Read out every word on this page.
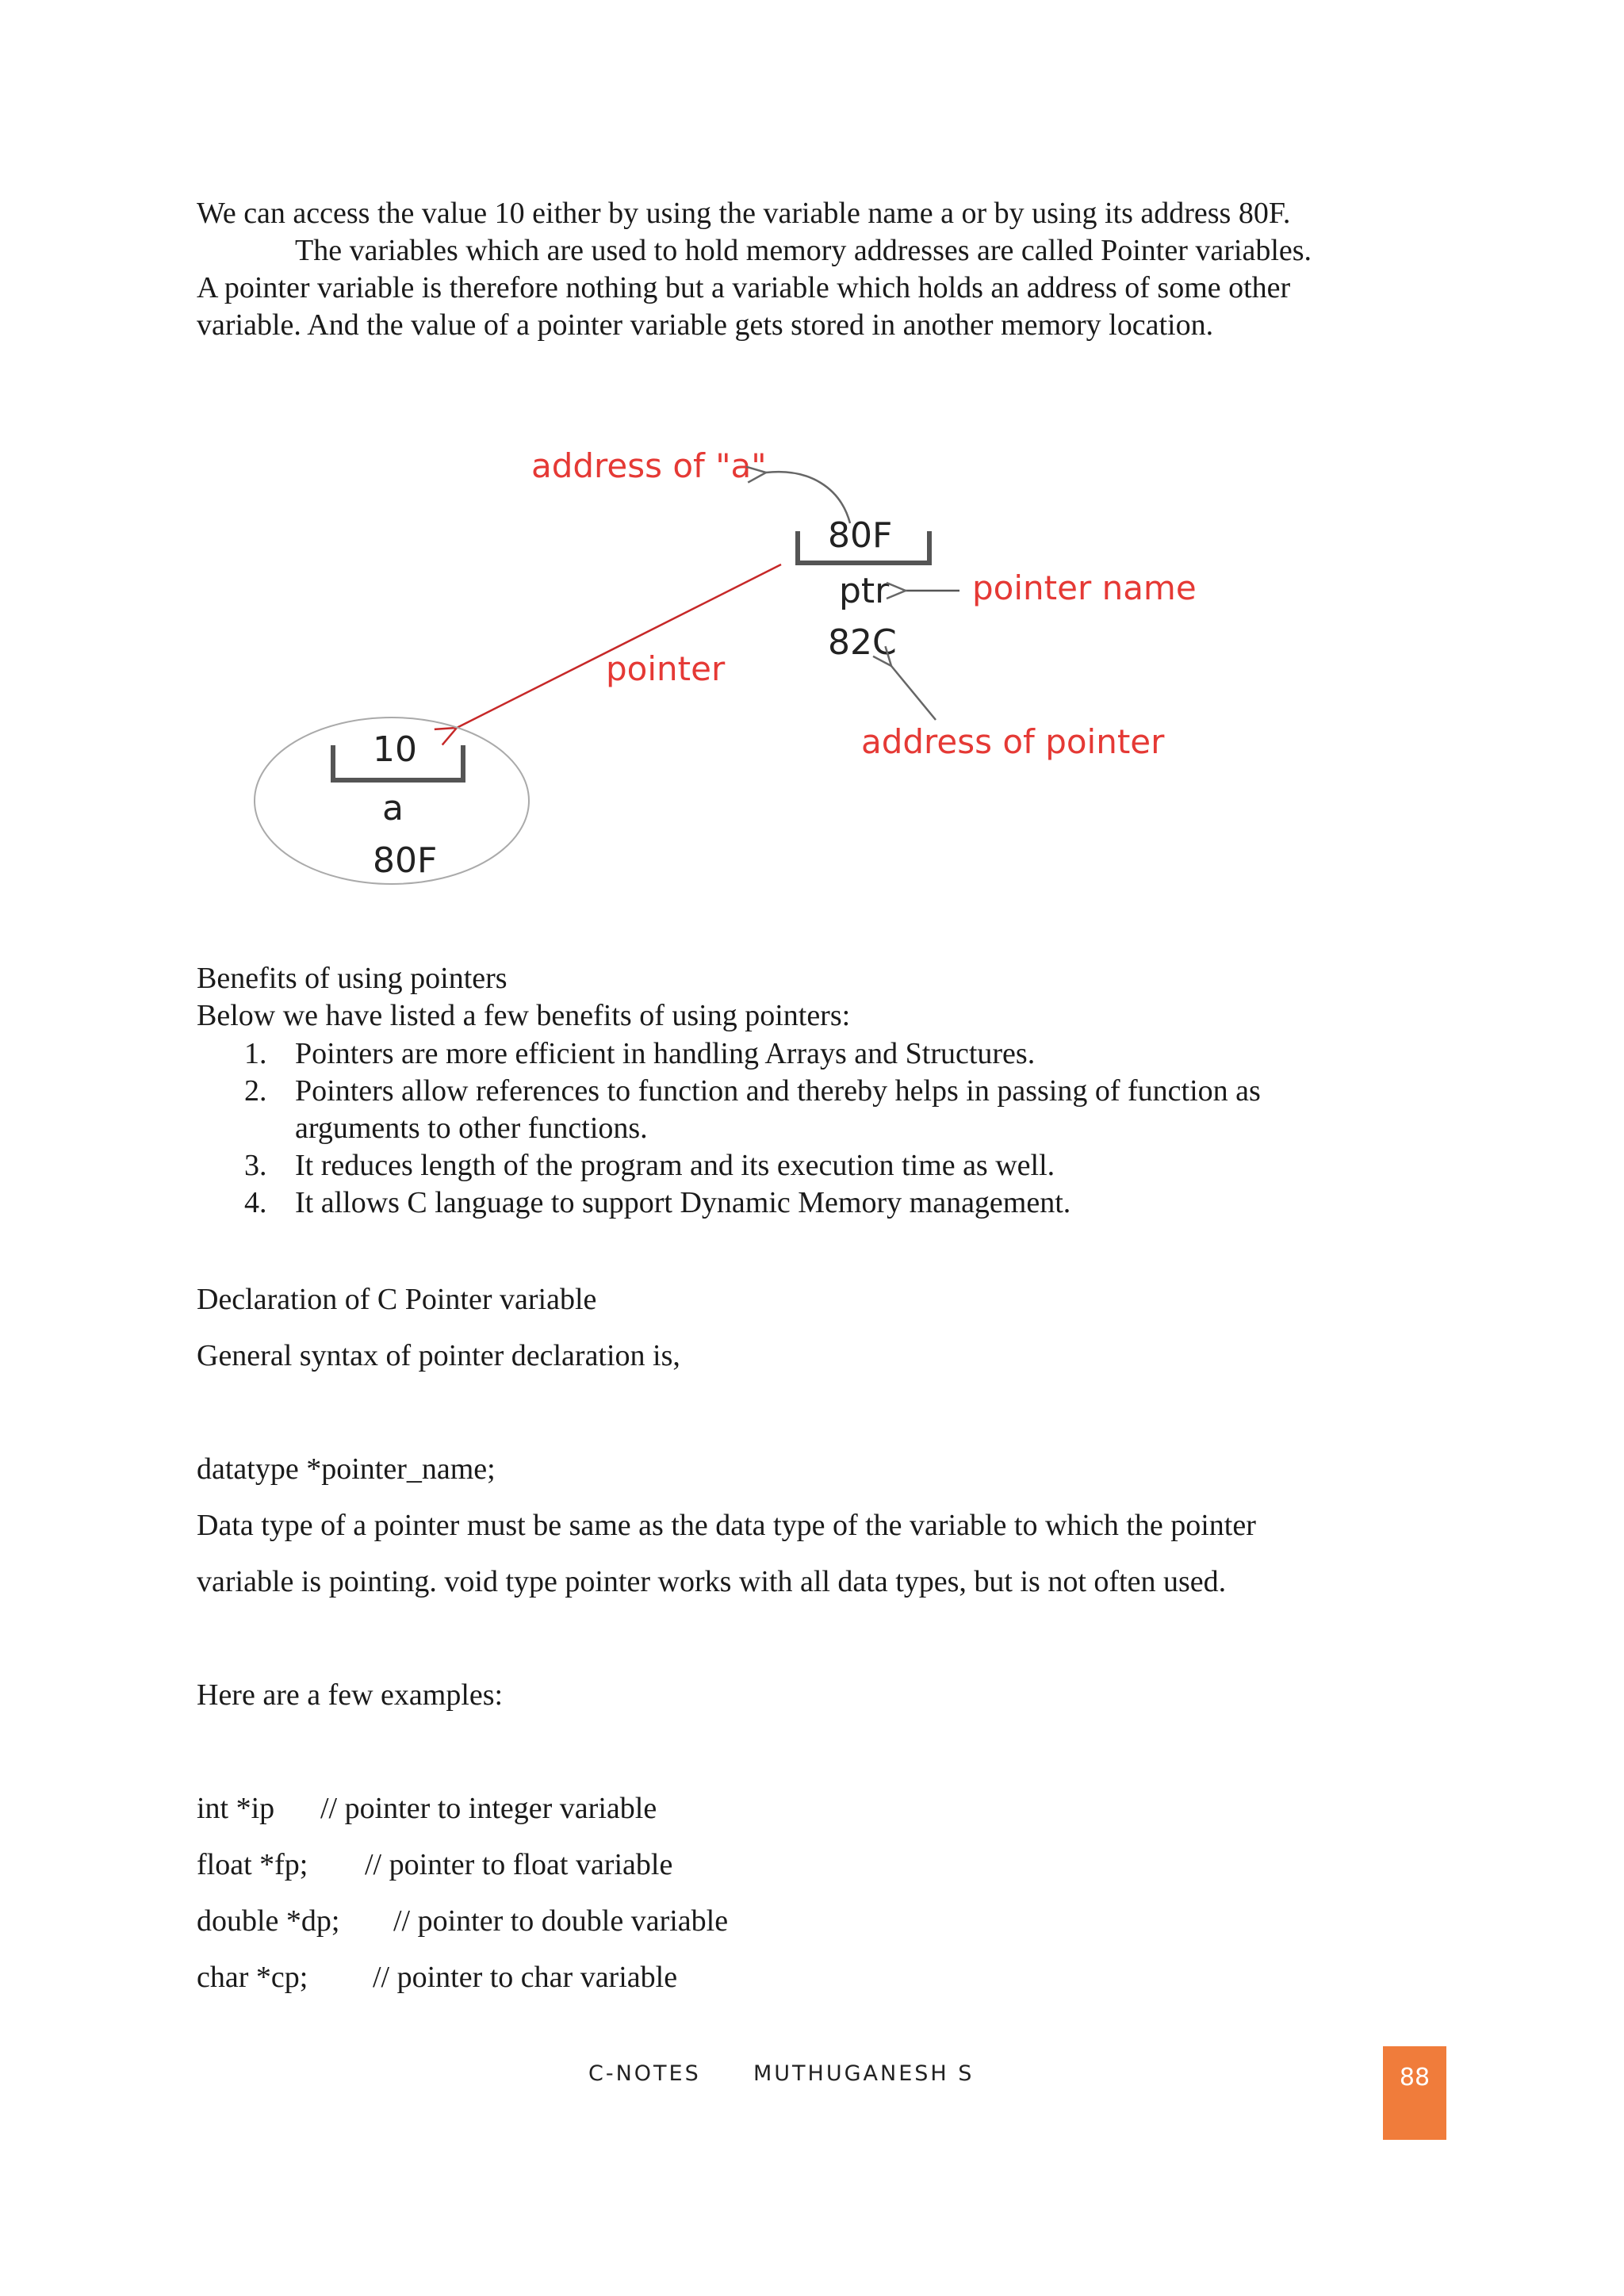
We can access the value 10 either by using the variable name a or by using its address 80F.
The variables which are used to hold memory addresses are called Pointer variables.
A pointer variable is therefore nothing but a variable which holds an address of some other
variable. And the value of a pointer variable gets stored in another memory location.
address of "a"
80F
ptr
82C
pointer name
pointer
address of pointer
10
a
80F
Benefits of using pointers
Below we have listed a few benefits of using pointers:
1. Pointers are more efficient in handling Arrays and Structures.
2. Pointers allow references to function and thereby helps in passing of function as
arguments to other functions.
3. It reduces length of the program and its execution time as well.
4. It allows C language to support Dynamic Memory management.
Declaration of C Pointer variable
General syntax of pointer declaration is,
datatype *pointer_name;
Data type of a pointer must be same as the data type of the variable to which the pointer
variable is pointing. void type pointer works with all data types, but is not often used.
Here are a few examples:
int *ip // pointer to integer variable
float *fp; // pointer to float variable
double *dp; // pointer to double variable
char *cp; // pointer to char variable
C-NOTES MUTHUGANESH S	88
